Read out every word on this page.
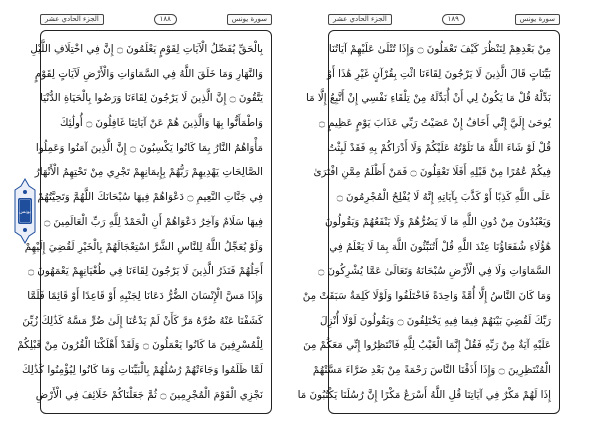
الجزء الحادي عشر	١٨٨	سورة يونس	الجزء الحادي عشر	١٨٩	سورة يونس
بِالْحَقِّ يُفَصِّلُ الْآيَاتِ لِقَوْمٍ يَعْلَمُونَ ۝ إِنَّ فِي اخْتِلَافِ اللَّيْلِ
وَالنَّهَارِ وَمَا خَلَقَ اللَّهُ فِي السَّمَاوَاتِ وَالْأَرْضِ لَآيَاتٍ لِقَوْمٍ
يَتَّقُونَ ۝ إِنَّ الَّذِينَ لَا يَرْجُونَ لِقَاءَنَا وَرَضُوا بِالْحَيَاةِ الدُّنْيَا
وَاطْمَأَنُّوا بِهَا وَالَّذِينَ هُمْ عَنْ آيَاتِنَا غَافِلُونَ ۝ أُولَٰئِكَ
مَأْوَاهُمُ النَّارُ بِمَا كَانُوا يَكْسِبُونَ ۝ إِنَّ الَّذِينَ آمَنُوا وَعَمِلُوا
الصَّالِحَاتِ يَهْدِيهِمْ رَبُّهُمْ بِإِيمَانِهِمْ تَجْرِي مِنْ تَحْتِهِمُ الْأَنْهَارُ
فِي جَنَّاتِ النَّعِيمِ ۝ دَعْوَاهُمْ فِيهَا سُبْحَانَكَ اللَّهُمَّ وَتَحِيَّتُهُمْ
فِيهَا سَلَامٌ وَآخِرُ دَعْوَاهُمْ أَنِ الْحَمْدُ لِلَّهِ رَبِّ الْعَالَمِينَ ۝
وَلَوْ يُعَجِّلُ اللَّهُ لِلنَّاسِ الشَّرَّ اسْتِعْجَالَهُمْ بِالْخَيْرِ لَقُضِيَ إِلَيْهِمْ
أَجَلُهُمْ فَنَذَرُ الَّذِينَ لَا يَرْجُونَ لِقَاءَنَا فِي طُغْيَانِهِمْ يَعْمَهُونَ ۝
وَإِذَا مَسَّ الْإِنْسَانَ الضُّرُّ دَعَانَا لِجَنْبِهِ أَوْ قَاعِدًا أَوْ قَائِمًا فَلَمَّا
كَشَفْنَا عَنْهُ ضُرَّهُ مَرَّ كَأَنْ لَمْ يَدْعُنَا إِلَىٰ ضُرٍّ مَسَّهُ كَذَٰلِكَ زُيِّنَ
لِلْمُسْرِفِينَ مَا كَانُوا يَعْمَلُونَ ۝ وَلَقَدْ أَهْلَكْنَا الْقُرُونَ مِنْ قَبْلِكُمْ
لَمَّا ظَلَمُوا وَجَاءَتْهُمْ رُسُلُهُمْ بِالْبَيِّنَاتِ وَمَا كَانُوا لِيُؤْمِنُوا كَذَٰلِكَ
نَجْزِي الْقَوْمَ الْمُجْرِمِينَ ۝ ثُمَّ جَعَلْنَاكُمْ خَلَائِفَ فِي الْأَرْضِ
مِنْ بَعْدِهِمْ لِنَنْظُرَ كَيْفَ تَعْمَلُونَ ۝ وَإِذَا تُتْلَىٰ عَلَيْهِمْ آيَاتُنَا
بَيِّنَاتٍ قَالَ الَّذِينَ لَا يَرْجُونَ لِقَاءَنَا ائْتِ بِقُرْآنٍ غَيْرِ هَٰذَا أَوْ
بَدِّلْهُ قُلْ مَا يَكُونُ لِي أَنْ أُبَدِّلَهُ مِنْ تِلْقَاءِ نَفْسِي إِنْ أَتَّبِعُ إِلَّا مَا
يُوحَىٰ إِلَيَّ إِنِّي أَخَافُ إِنْ عَصَيْتُ رَبِّي عَذَابَ يَوْمٍ عَظِيمٍ ۝
قُلْ لَوْ شَاءَ اللَّهُ مَا تَلَوْتُهُ عَلَيْكُمْ وَلَا أَدْرَاكُمْ بِهِ فَقَدْ لَبِثْتُ
فِيكُمْ عُمُرًا مِنْ قَبْلِهِ أَفَلَا تَعْقِلُونَ ۝ فَمَنْ أَظْلَمُ مِمَّنِ افْتَرَىٰ
عَلَى اللَّهِ كَذِبًا أَوْ كَذَّبَ بِآيَاتِهِ إِنَّهُ لَا يُفْلِحُ الْمُجْرِمُونَ ۝
وَيَعْبُدُونَ مِنْ دُونِ اللَّهِ مَا لَا يَضُرُّهُمْ وَلَا يَنْفَعُهُمْ وَيَقُولُونَ
هَٰؤُلَاءِ شُفَعَاؤُنَا عِنْدَ اللَّهِ قُلْ أَتُنَبِّئُونَ اللَّهَ بِمَا لَا يَعْلَمُ فِي
السَّمَاوَاتِ وَلَا فِي الْأَرْضِ سُبْحَانَهُ وَتَعَالَىٰ عَمَّا يُشْرِكُونَ ۝
وَمَا كَانَ النَّاسُ إِلَّا أُمَّةً وَاحِدَةً فَاخْتَلَفُوا وَلَوْلَا كَلِمَةٌ سَبَقَتْ مِنْ
رَبِّكَ لَقُضِيَ بَيْنَهُمْ فِيمَا فِيهِ يَخْتَلِفُونَ ۝ وَيَقُولُونَ لَوْلَا أُنْزِلَ
عَلَيْهِ آيَةٌ مِنْ رَبِّهِ فَقُلْ إِنَّمَا الْغَيْبُ لِلَّهِ فَانْتَظِرُوا إِنِّي مَعَكُمْ مِنَ
الْمُنْتَظِرِينَ ۝ وَإِذَا أَذَقْنَا النَّاسَ رَحْمَةً مِنْ بَعْدِ ضَرَّاءَ مَسَّتْهُمْ
إِذَا لَهُمْ مَكْرٌ فِي آيَاتِنَا قُلِ اللَّهُ أَسْرَعُ مَكْرًا إِنَّ رُسُلَنَا يَكْتُبُونَ مَا
يونس
